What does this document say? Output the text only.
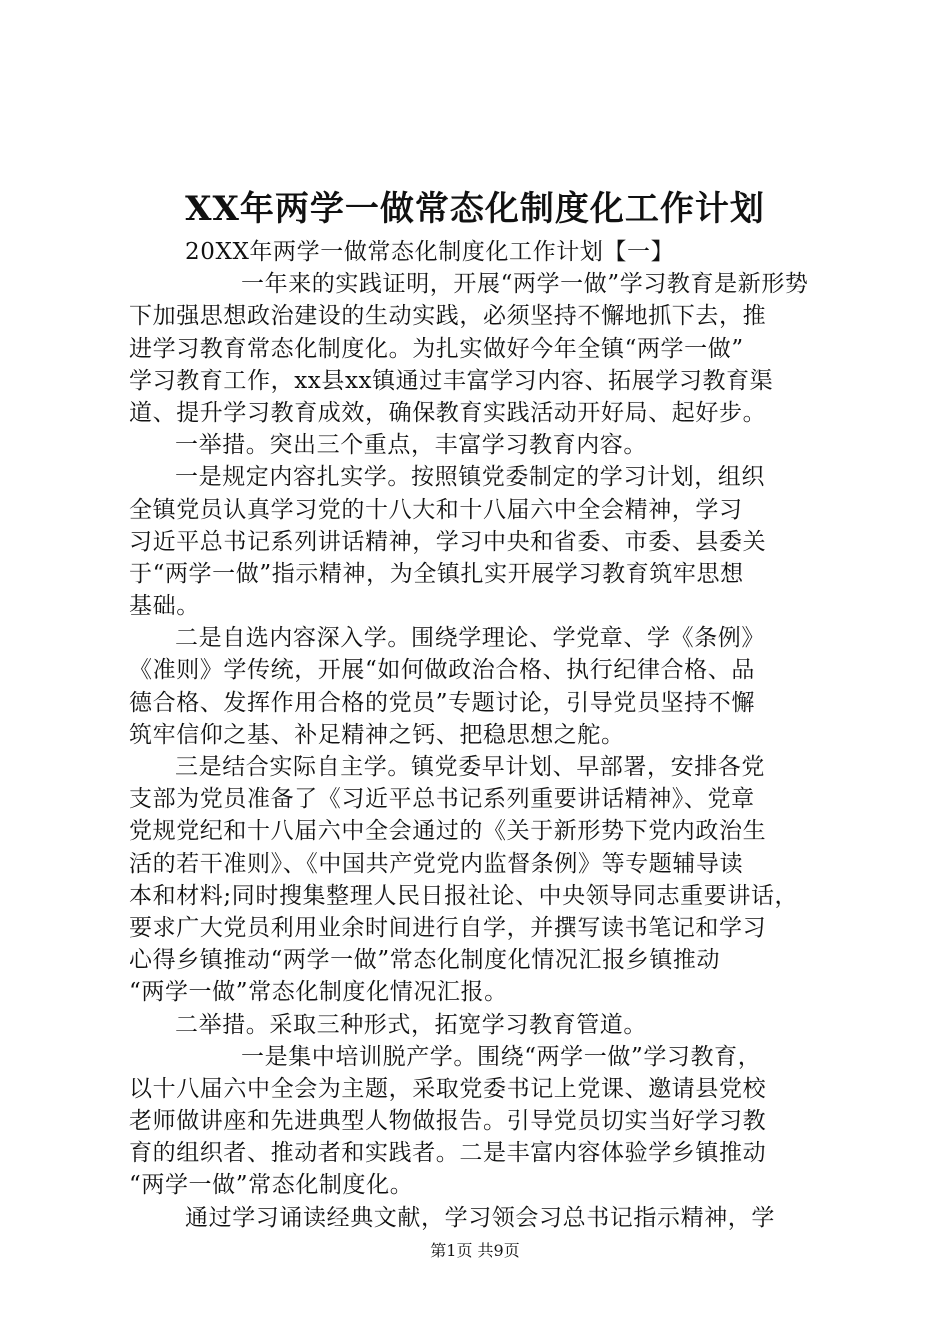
XX年两学一做常态化制度化工作计划
20XX年两学一做常态化制度化工作计划【一】
一年来的实践证明，开展“两学一做”学习教育是新形势
下加强思想政治建设的生动实践，必须坚持不懈地抓下去，推
进学习教育常态化制度化。为扎实做好今年全镇“两学一做”
学习教育工作，xx县xx镇通过丰富学习内容、拓展学习教育渠
道、提升学习教育成效，确保教育实践活动开好局、起好步。
一举措。突出三个重点，丰富学习教育内容。
一是规定内容扎实学。按照镇党委制定的学习计划，组织
全镇党员认真学习党的十八大和十八届六中全会精神，学习
习近平总书记系列讲话精神，学习中央和省委、市委、县委关
于“两学一做”指示精神，为全镇扎实开展学习教育筑牢思想
基础。
二是自选内容深入学。围绕学理论、学党章、学《条例》
《准则》学传统，开展“如何做政治合格、执行纪律合格、品
德合格、发挥作用合格的党员”专题讨论，引导党员坚持不懈
筑牢信仰之基、补足精神之钙、把稳思想之舵。
三是结合实际自主学。镇党委早计划、早部署，安排各党
支部为党员准备了《习近平总书记系列重要讲话精神》、党章
党规党纪和十八届六中全会通过的《关于新形势下党内政治生
活的若干准则》、《中国共产党党内监督条例》等专题辅导读
本和材料;同时搜集整理人民日报社论、中央领导同志重要讲话，
要求广大党员利用业余时间进行自学，并撰写读书笔记和学习
心得乡镇推动“两学一做”常态化制度化情况汇报乡镇推动
“两学一做”常态化制度化情况汇报。
二举措。采取三种形式，拓宽学习教育管道。
一是集中培训脱产学。围绕“两学一做”学习教育，
以十八届六中全会为主题，采取党委书记上党课、邀请县党校
老师做讲座和先进典型人物做报告。引导党员切实当好学习教
育的组织者、推动者和实践者。二是丰富内容体验学乡镇推动
“两学一做”常态化制度化。
通过学习诵读经典文献，学习领会习总书记指示精神，学
第1页 共9页
